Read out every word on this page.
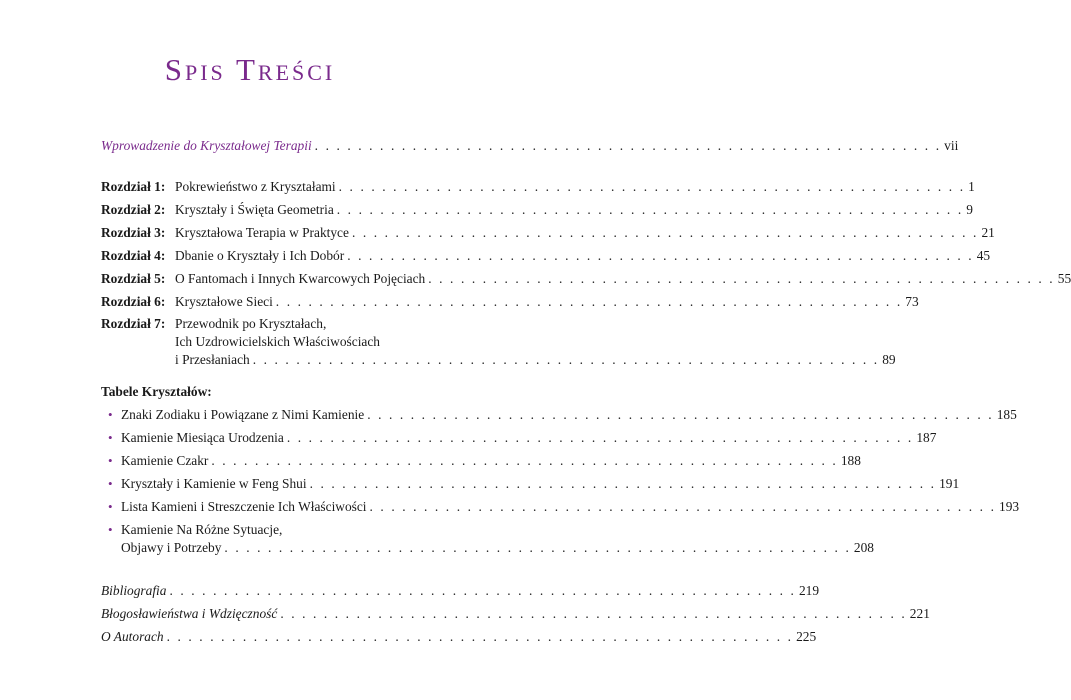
Spis Treści
Wprowadzenie do Kryształowej Terapii . . . . . . . . . . . . . . . . . . . . . . . . . . . . . . . . . . . . . . . . . . . . . . . . . . . . . . . . . . vii
Rozdział 1: Pokrewieństwo z Kryształami . . . . . . . . . . . . . . . . . . . . . . . . . . . . . . . . . . . . . . . . . . . . . . . . . . . . . . . . . . 1
Rozdział 2: Kryształy i Święta Geometria . . . . . . . . . . . . . . . . . . . . . . . . . . . . . . . . . . . . . . . . . . . . . . . . . . . . . . . . . . 9
Rozdział 3: Kryształowa Terapia w Praktyce . . . . . . . . . . . . . . . . . . . . . . . . . . . . . . . . . . . . . . . . . . . . . . . . . . . . . . . . . . 21
Rozdział 4: Dbanie o Kryształy i Ich Dobór . . . . . . . . . . . . . . . . . . . . . . . . . . . . . . . . . . . . . . . . . . . . . . . . . . . . . . . . . . 45
Rozdział 5: O Fantomach i Innych Kwarcowych Pojęciach . . . . . . . . . . . . . . . . . . . . . . . . . . . . . . . . . . . . . . . . . . . . . . . . . . . . . . . . . . 55
Rozdział 6: Kryształowe Sieci . . . . . . . . . . . . . . . . . . . . . . . . . . . . . . . . . . . . . . . . . . . . . . . . . . . . . . . . . . 73
Rozdział 7: Przewodnik po Kryształach,
Ich Uzdrowicielskich Właściwościach
i Przesłaniach . . . . . . . . . . . . . . . . . . . . . . . . . . . . . . . . . . . . . . . . . . . . . . . . . . . . . . . . . . 89
Tabele Kryształów:
• Znaki Zodiaku i Powiązane z Nimi Kamienie . . . . . . . . . . . . . . . . . . . . . . . . . . . . . . . . . . . . . . . . . . . . . . . . . . . . . . . . . . 185
• Kamienie Miesiąca Urodzenia . . . . . . . . . . . . . . . . . . . . . . . . . . . . . . . . . . . . . . . . . . . . . . . . . . . . . . . . . . 187
• Kamienie Czakr . . . . . . . . . . . . . . . . . . . . . . . . . . . . . . . . . . . . . . . . . . . . . . . . . . . . . . . . . . 188
• Kryształy i Kamienie w Feng Shui . . . . . . . . . . . . . . . . . . . . . . . . . . . . . . . . . . . . . . . . . . . . . . . . . . . . . . . . . . 191
• Lista Kamieni i Streszczenie Ich Właściwości . . . . . . . . . . . . . . . . . . . . . . . . . . . . . . . . . . . . . . . . . . . . . . . . . . . . . . . . . . 193
• Kamienie Na Różne Sytuacje,
Objawy i Potrzeby . . . . . . . . . . . . . . . . . . . . . . . . . . . . . . . . . . . . . . . . . . . . . . . . . . . . . . . . . . 208
Bibliografia . . . . . . . . . . . . . . . . . . . . . . . . . . . . . . . . . . . . . . . . . . . . . . . . . . . . . . . . . . 219
Błogosławieństwa i Wdzięczność . . . . . . . . . . . . . . . . . . . . . . . . . . . . . . . . . . . . . . . . . . . . . . . . . . . . . . . . . . 221
O Autorach . . . . . . . . . . . . . . . . . . . . . . . . . . . . . . . . . . . . . . . . . . . . . . . . . . . . . . . . . . 225
